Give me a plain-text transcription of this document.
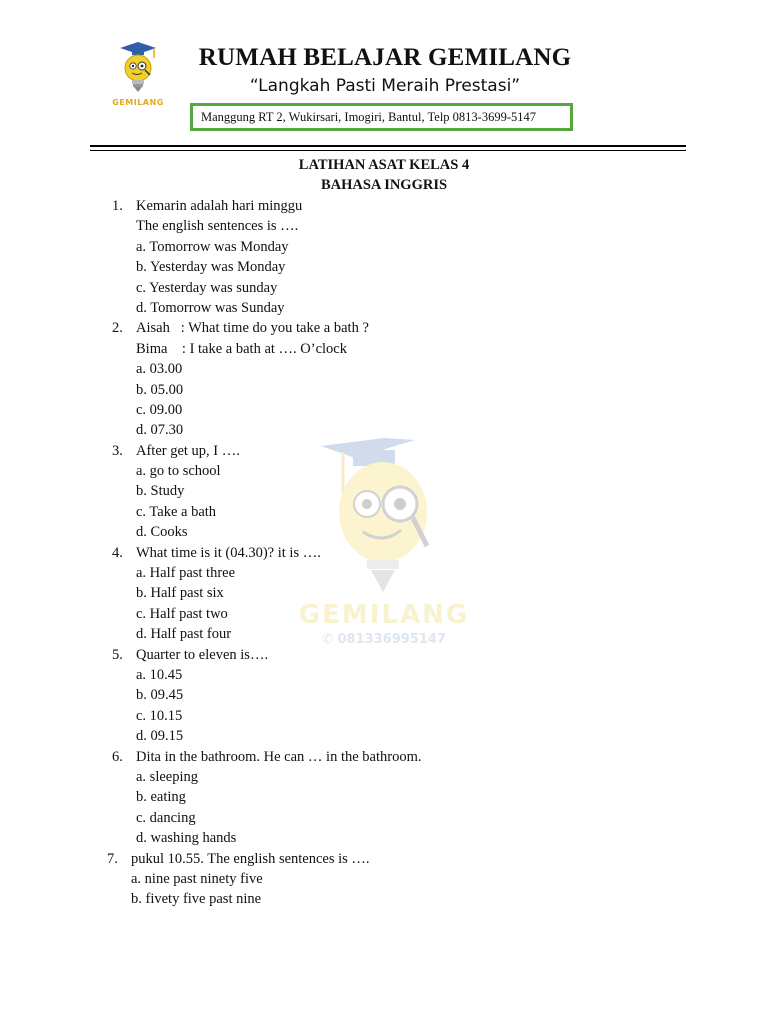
GEMILANG
RUMAH BELAJAR GEMILANG
“Langkah Pasti Meraih Prestasi”
Manggung RT 2, Wukirsari, Imogiri, Bantul, Telp 0813-3699-5147
LATIHAN ASAT KELAS 4
BAHASA INGGRIS
GEMILANG
✆ 081336995147
1. Kemarin adalah hari minggu
The english sentences is ….
a. Tomorrow was Monday
b. Yesterday was Monday
c. Yesterday was sunday
d. Tomorrow was Sunday
2. Aisah   : What time do you take a bath ?
Bima    : I take a bath at …. O’clock
a. 03.00
b. 05.00
c. 09.00
d. 07.30
3. After get up, I ….
a. go to school
b. Study
c. Take a bath
d. Cooks
4. What time is it (04.30)? it is ….
a. Half past three
b. Half past six
c. Half past two
d. Half past four
5. Quarter to eleven is….
a. 10.45
b. 09.45
c. 10.15
d. 09.15
6. Dita in the bathroom. He can … in the bathroom.
a. sleeping
b. eating
c. dancing
d. washing hands
7. pukul 10.55. The english sentences is ….
a. nine past ninety five
b. fivety five past nine
